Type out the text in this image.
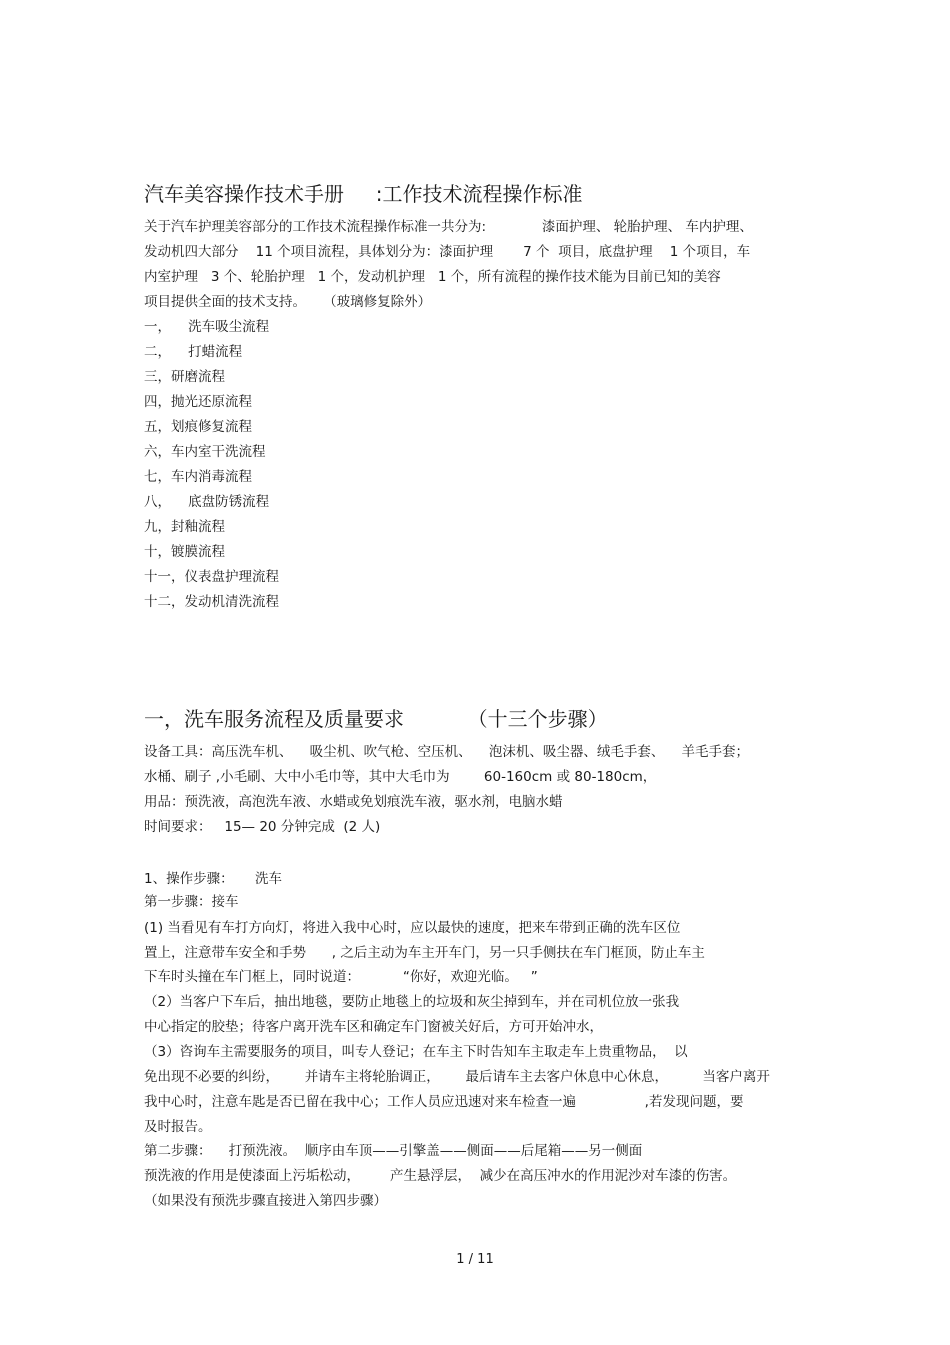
汽车美容操作技术手册     :工作技术流程操作标准
关于汽车护理美容部分的工作技术流程操作标准一共分为:             漆面护理、 轮胎护理、 车内护理、
发动机四大部分    11 个项目流程，具体划分为：漆面护理       7 个  项目，底盘护理    1 个项目，车
内室护理   3 个、轮胎护理   1 个，发动机护理   1 个，所有流程的操作技术能为目前已知的美容
项目提供全面的技术支持。    （玻璃修复除外）
一，    洗车吸尘流程
二，    打蜡流程
三，研磨流程
四，抛光还原流程
五，划痕修复流程
六，车内室干洗流程
七，车内消毒流程
八，    底盘防锈流程
九，封釉流程
十，镀膜流程
十一，仪表盘护理流程
十二，发动机清洗流程
一，洗车服务流程及质量要求          （十三个步骤）
设备工具：高压洗车机、    吸尘机、吹气枪、空压机、    泡沫机、吸尘器、绒毛手套、    羊毛手套；
水桶、刷子 ,小毛刷、大中小毛巾等，其中大毛巾为        60-160cm 或 80-180cm，
用品：预洗液，高泡洗车液、水蜡或免划痕洗车液，驱水剂，电脑水蜡
时间要求：   15— 20 分钟完成  (2 人)
1、操作步骤：     洗车
第一步骤：接车
(1) 当看见有车打方向灯，将进入我中心时，应以最快的速度，把来车带到正确的洗车区位
置上，注意带车安全和手势      , 之后主动为车主开车门，另一只手侧扶在车门框顶，防止车主
下车时头撞在车门框上，同时说道：          “你好，欢迎光临。   ”
（2）当客户下车后，抽出地毯，要防止地毯上的垃圾和灰尘掉到车，并在司机位放一张我
中心指定的胶垫；待客户离开洗车区和确定车门窗被关好后，方可开始冲水，
（3）咨询车主需要服务的项目，叫专人登记；在车主下时告知车主取走车上贵重物品，  以
免出现不必要的纠纷，      并请车主将轮胎调正，      最后请车主去客户休息中心休息，        当客户离开
我中心时，注意车匙是否已留在我中心；工作人员应迅速对来车检查一遍                ,若发现问题，要
及时报告。
第二步骤：    打预洗液。  顺序由车顶——引擎盖——侧面——后尾箱——另一侧面
预洗液的作用是使漆面上污垢松动，       产生悬浮层，  减少在高压冲水的作用泥沙对车漆的伤害。
（如果没有预洗步骤直接进入第四步骤）
1 / 11
